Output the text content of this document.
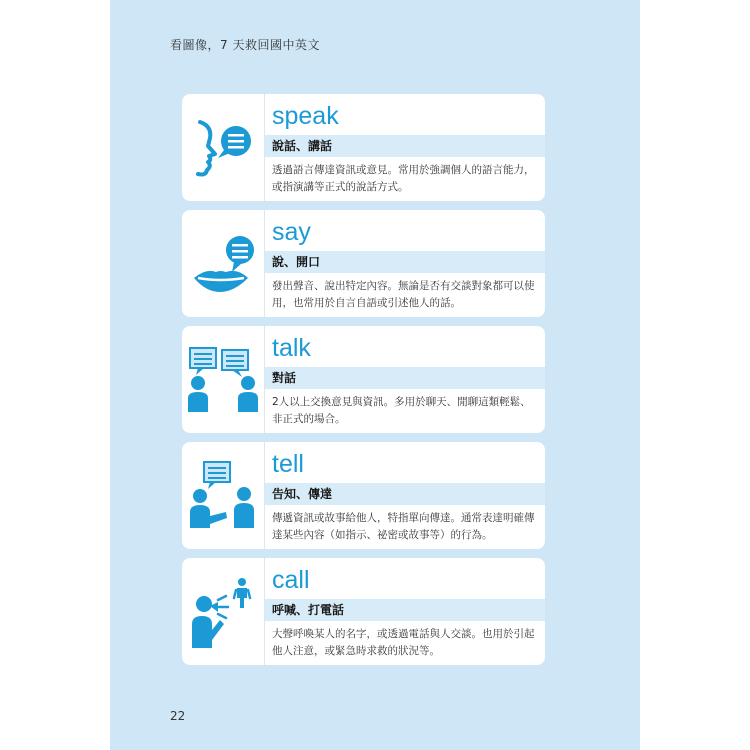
看圖像，7 天救回國中英文
speak
說話、講話
透過語言傳達資訊或意見。常用於強調個人的語言能力，或指演講等正式的說話方式。
say
說、開口
發出聲音、說出特定內容。無論是否有交談對象都可以使用，也常用於自言自語或引述他人的話。
talk
對話
2人以上交換意見與資訊。多用於聊天、閒聊這類輕鬆、非正式的場合。
tell
告知、傳達
傳遞資訊或故事給他人，特指單向傳達。通常表達明確傳達某些內容（如指示、祕密或故事等）的行為。
call
呼喊、打電話
大聲呼喚某人的名字，或透過電話與人交談。也用於引起他人注意，或緊急時求救的狀況等。
22
